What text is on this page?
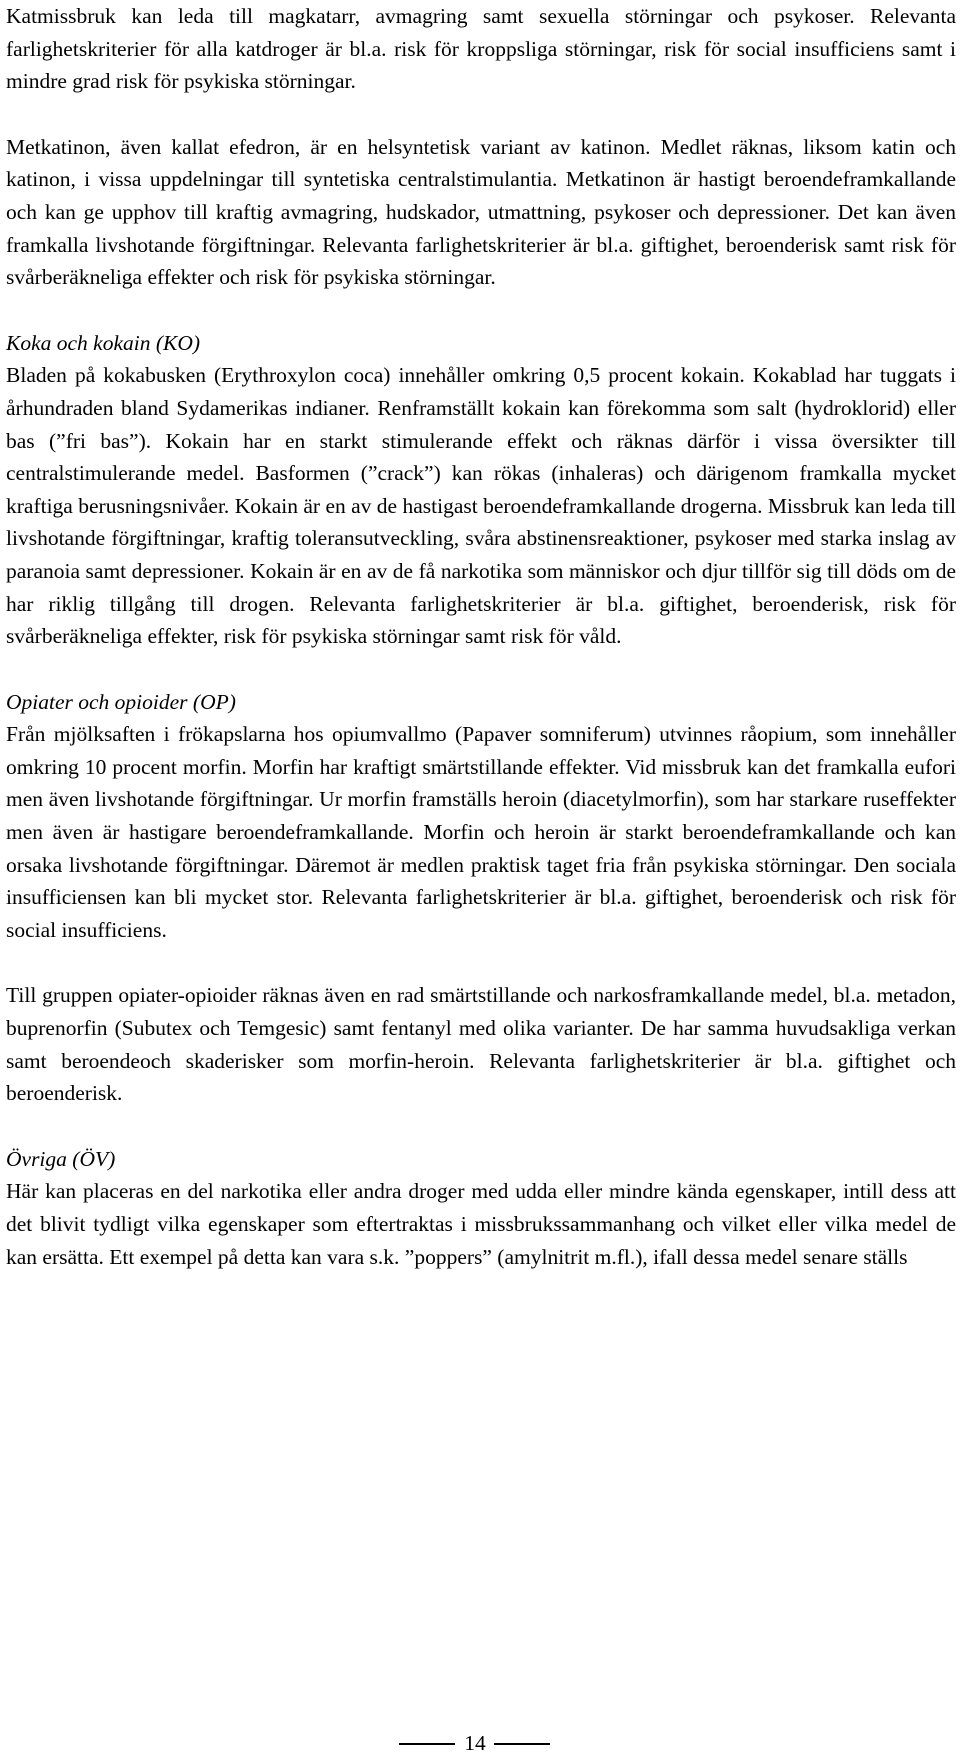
Katmissbruk kan leda till magkatarr, avmagring samt sexuella störningar och psykoser. Relevanta farlighetskriterier för alla katdroger är bl.a. risk för kroppsliga störningar, risk för social insufficiens samt i mindre grad risk för psykiska störningar.

Metkatinon, även kallat efedron, är en helsyntetisk variant av katinon. Medlet räknas, liksom katin och katinon, i vissa uppdelningar till syntetiska centralstimulantia. Metkatinon är hastigt beroendeframkallande och kan ge upphov till kraftig avmagring, hudskador, utmattning, psykoser och depressioner. Det kan även framkalla livshotande förgiftningar. Relevanta farlighetskriterier är bl.a. giftighet, beroenderisk samt risk för svårberäkneliga effekter och risk för psykiska störningar.

Koka och kokain (KO)

Bladen på kokabusken (Erythroxylon coca) innehåller omkring 0,5 procent kokain. Kokablad har tuggats i århundraden bland Sydamerikas indianer. Renframställt kokain kan förekomma som salt (hydroklorid) eller bas (”fri bas”). Kokain har en starkt stimulerande effekt och räknas därför i vissa översikter till centralstimulerande medel. Basformen (”crack”) kan rökas (inhaleras) och därigenom framkalla mycket kraftiga berusningsnivåer. Kokain är en av de hastigast beroendeframkallande drogerna. Missbruk kan leda till livshotande förgiftningar, kraftig toleransutveckling, svåra abstinensreaktioner, psykoser med starka inslag av paranoia samt depressioner. Kokain är en av de få narkotika som människor och djur tillför sig till döds om de har riklig tillgång till drogen. Relevanta farlighetskriterier är bl.a. giftighet, beroenderisk, risk för svårberäkneliga effekter, risk för psykiska störningar samt risk för våld.

Opiater och opioider (OP)

Från mjölksaften i frökapslarna hos opiumvallmo (Papaver somniferum) utvinnes råopium, som innehåller omkring 10 procent morfin. Morfin har kraftigt smärtstillande effekter. Vid missbruk kan det framkalla eufori men även livshotande förgiftningar. Ur morfin framställs heroin (diacetylmorfin), som har starkare ruseffekter men även är hastigare beroendeframkallande. Morfin och heroin är starkt beroendeframkallande och kan orsaka livshotande förgiftningar. Däremot är medlen praktisk taget fria från psykiska störningar. Den sociala insufficiensen kan bli mycket stor. Relevanta farlighetskriterier är bl.a. giftighet, beroenderisk och risk för social insufficiens.

Till gruppen opiater-opioider räknas även en rad smärtstillande och narkosframkallande medel, bl.a. metadon, buprenorfin (Subutex och Temgesic) samt fentanyl med olika varianter. De har samma huvudsakliga verkan samt beroendeoch skaderisker som morfin-heroin. Relevanta farlighetskriterier är bl.a. giftighet och beroenderisk.

Övriga (ÖV)

Här kan placeras en del narkotika eller andra droger med udda eller mindre kända egenskaper, intill dess att det blivit tydligt vilka egenskaper som eftertraktas i missbrukssammanhang och vilket eller vilka medel de kan ersätta. Ett exempel på detta kan vara s.k. ”poppers” (amylnitrit m.fl.), ifall dessa medel senare ställs

14
